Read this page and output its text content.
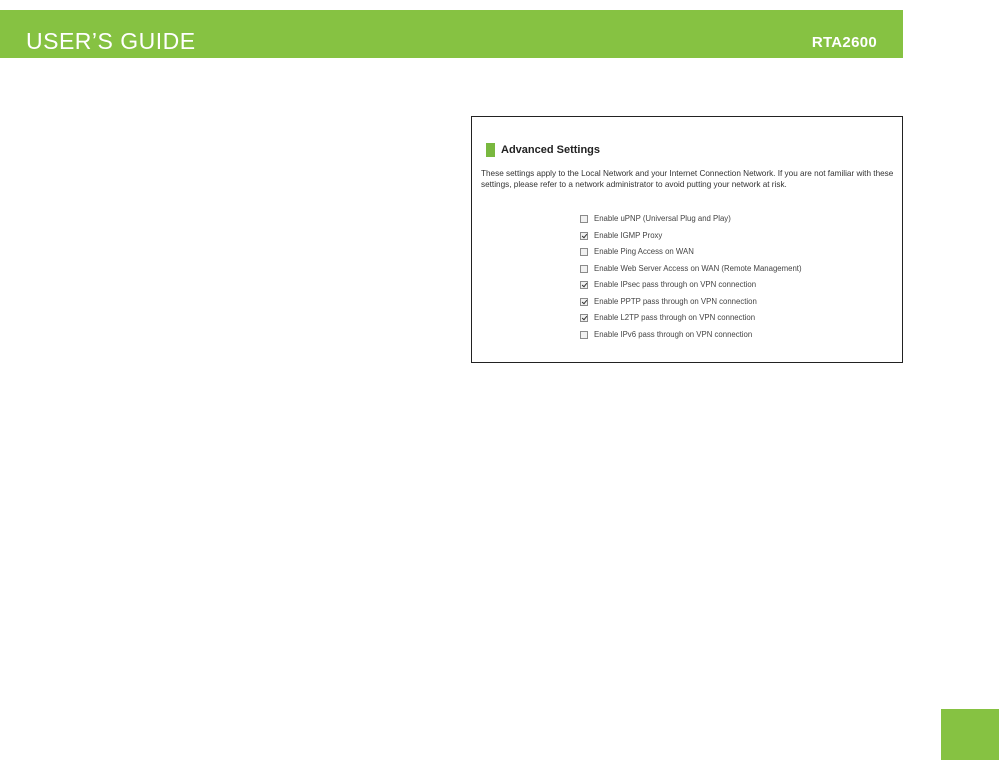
USER’S GUIDE	RTA2600
Advanced Settings
These settings apply to the Local Network and your Internet Connection Network. If you are not familiar with these settings, please refer to a network administrator to avoid putting your network at risk.
Enable uPNP (Universal Plug and Play)
Enable IGMP Proxy
Enable Ping Access on WAN
Enable Web Server Access on WAN (Remote Management)
Enable IPsec pass through on VPN connection
Enable PPTP pass through on VPN connection
Enable L2TP pass through on VPN connection
Enable IPv6 pass through on VPN connection
